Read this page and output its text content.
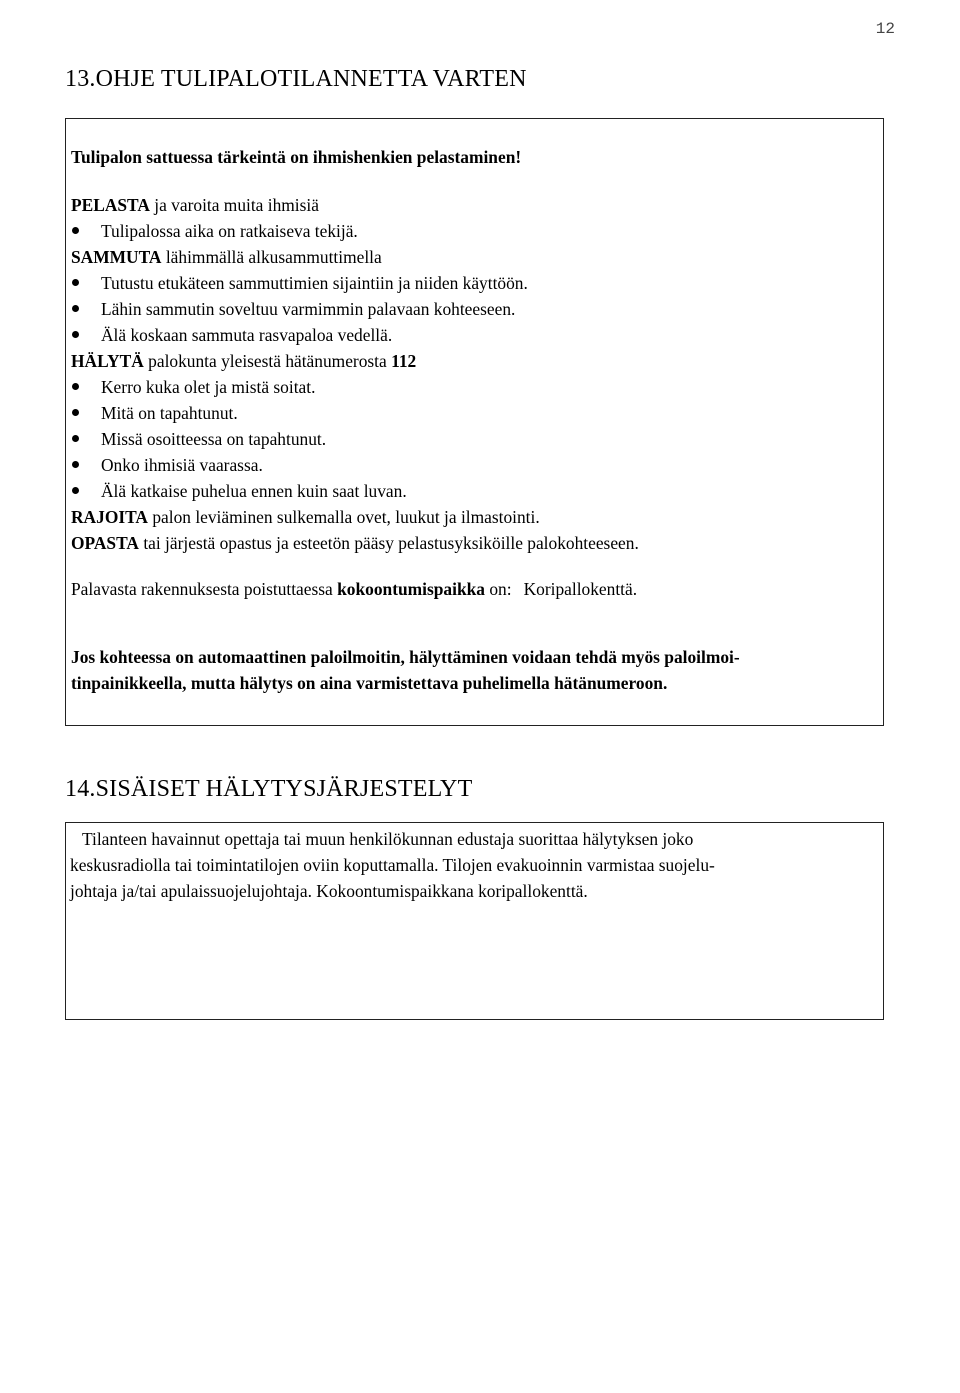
12
13.OHJE TULIPALOTILANNETTA VARTEN
Tulipalon sattuessa tärkeintä on ihmishenkien pelastaminen!
PELASTA ja varoita muita ihmisiä
Tulipalossa aika on ratkaiseva tekijä.
SAMMUTA lähimmällä alkusammuttimella
Tutustu etukäteen sammuttimien sijaintiin ja niiden käyttöön.
Lähin sammutin soveltuu varmimmin palavaan kohteeseen.
Älä koskaan sammuta rasvapaloa vedellä.
HÄLYTÄ palokunta yleisestä hätänumerosta 112
Kerro kuka olet ja mistä soitat.
Mitä on tapahtunut.
Missä osoitteessa on tapahtunut.
Onko ihmisiä vaarassa.
Älä katkaise puhelua ennen kuin saat luvan.
RAJOITA palon leviäminen sulkemalla ovet, luukut ja ilmastointi.
OPASTA tai järjestä opastus ja esteetön pääsy pelastusyksiköille palokohteeseen.
Palavasta rakennuksesta poistuttaessa kokoontumispaikka on: Koripallokenttä.
Jos kohteessa on automaattinen paloilmoitin, hälyttäminen voidaan tehdä myös paloilmoi-
tinpainikkeella, mutta hälytys on aina varmistettava puhelimella hätänumeroon.
14.SISÄISET HÄLYTYSJÄRJESTELYT
Tilanteen havainnut opettaja tai muun henkilökunnan edustaja suorittaa hälytyksen joko
keskusradiolla tai toimintatilojen oviin koputtamalla. Tilojen evakuoinnin varmistaa suojelu-
johtaja ja/tai apulaissuojelujohtaja. Kokoontumispaikkana koripallokenttä.
